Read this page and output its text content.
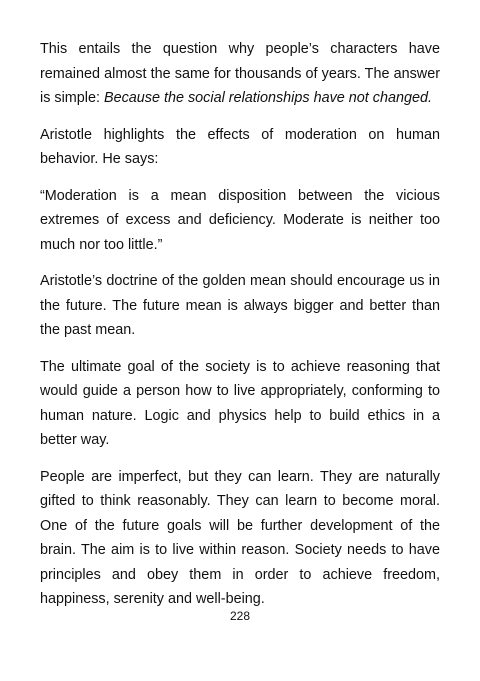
This entails the question why people’s characters have remained almost the same for thousands of years. The answer is simple: Because the social relationships have not changed.

Aristotle highlights the effects of moderation on human behavior. He says:

“Moderation is a mean disposition between the vicious extremes of excess and deficiency. Moderate is neither too much nor too little.”

Aristotle’s doctrine of the golden mean should encourage us in the future. The future mean is always bigger and better than the past mean.

The ultimate goal of the society is to achieve reasoning that would guide a person how to live appropriately, conforming to human nature. Logic and physics help to build ethics in a better way.

People are imperfect, but they can learn. They are naturally gifted to think reasonably. They can learn to become moral. One of the future goals will be further development of the brain. The aim is to live within reason. Society needs to have principles and obey them in order to achieve freedom, happiness, serenity and well-being.

228
